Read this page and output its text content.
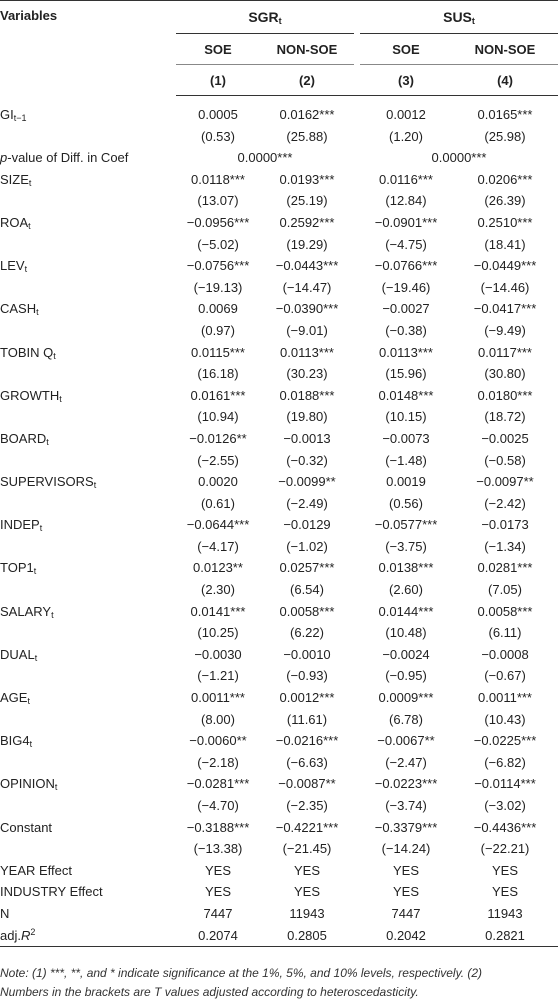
Variables	$SGR_t$			$SUS_t$
	SOE	NON-SOE		SOE	NON-SOE
	(1)	(2)		(3)	(4)

$GI_{t-1}$	0.0005	0.0162***		0.0012	0.0165***
	(0.53)	(25.88)		(1.20)	(25.98)
p-value of Diff. in Coef	0.0000***			0.0000***	
$SIZE_t$	0.0118***	0.0193***		0.0116***	0.0206***
	(13.07)	(25.19)		(12.84)	(26.39)
$ROA_t$	−0.0956***	0.2592***		−0.0901***	0.2510***
	(−5.02)	(19.29)		(−4.75)	(18.41)
$LEV_t$	−0.0756***	−0.0443***		−0.0766***	−0.0449***
	(−19.13)	(−14.47)		(−19.46)	(−14.46)
$CASH_t$	0.0069	−0.0390***		−0.0027	−0.0417***
	(0.97)	(−9.01)		(−0.38)	(−9.49)
TOBIN $Q_t$	0.0115***	0.0113***		0.0113***	0.0117***
	(16.18)	(30.23)		(15.96)	(30.80)
$GROWTH_t$	0.0161***	0.0188***		0.0148***	0.0180***
	(10.94)	(19.80)		(10.15)	(18.72)
$BOARD_t$	−0.0126**	−0.0013		−0.0073	−0.0025
	(−2.55)	(−0.32)		(−1.48)	(−0.58)
$SUPERVISORS_t$	0.0020	−0.0099**		0.0019	−0.0097**
	(0.61)	(−2.49)		(0.56)	(−2.42)
$INDEP_t$	−0.0644***	−0.0129		−0.0577***	−0.0173
	(−4.17)	(−1.02)		(−3.75)	(−1.34)
$TOP1_t$	0.0123**	0.0257***		0.0138***	0.0281***
	(2.30)	(6.54)		(2.60)	(7.05)
$SALARY_t$	0.0141***	0.0058***		0.0144***	0.0058***
	(10.25)	(6.22)		(10.48)	(6.11)
$DUAL_t$	−0.0030	−0.0010		−0.0024	−0.0008
	(−1.21)	(−0.93)		(−0.95)	(−0.67)
$AGE_t$	0.0011***	0.0012***		0.0009***	0.0011***
	(8.00)	(11.61)		(6.78)	(10.43)
$BIG4_t$	−0.0060**	−0.0216***		−0.0067**	−0.0225***
	(−2.18)	(−6.63)		(−2.47)	(−6.82)
$OPINION_t$	−0.0281***	−0.0087**		−0.0223***	−0.0114***
	(−4.70)	(−2.35)		(−3.74)	(−3.02)
Constant	−0.3188***	−0.4221***		−0.3379***	−0.4436***
	(−13.38)	(−21.45)		(−14.24)	(−22.21)
YEAR Effect	YES	YES		YES	YES
INDUSTRY Effect	YES	YES		YES	YES
N	7447	11943		7447	11943
$adj.R^2$	0.2074	0.2805		0.2042	0.2821
Note: (1) ***, **, and * indicate significance at the 1%, 5%, and 10% levels, respectively. (2)
Numbers in the brackets are T values adjusted according to heteroscedasticity.
